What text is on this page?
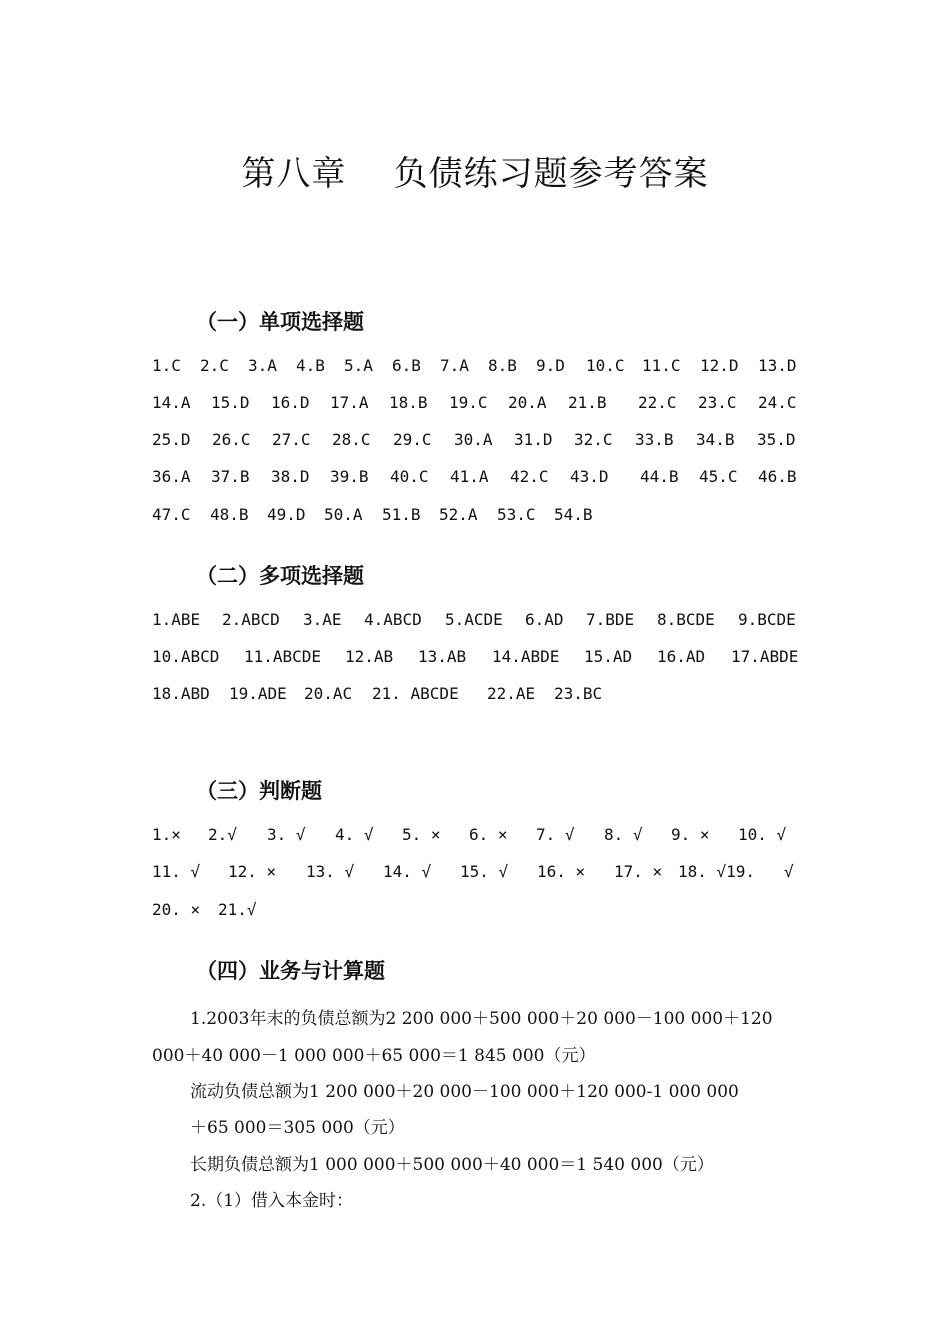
第八章    负债练习题参考答案
（一）单项选择题
1.C 2.C 3.A 4.B 5.A 6.B 7.A 8.B 9.D 10.C 11.C 12.D 13.D
14.A 15.D 16.D 17.A 18.B 19.C 20.A 21.B 22.C 23.C 24.C
25.D 26.C 27.C 28.C 29.C 30.A 31.D 32.C 33.B 34.B 35.D
36.A 37.B 38.D 39.B 40.C 41.A 42.C 43.D 44.B 45.C 46.B
47.C 48.B 49.D 50.A 51.B 52.A 53.C 54.B
（二）多项选择题
1.ABE 2.ABCD 3.AE 4.ABCD 5.ACDE 6.AD 7.BDE 8.BCDE 9.BCDE
10.ABCD 11.ABCDE 12.AB 13.AB 14.ABDE 15.AD 16.AD 17.ABDE
18.ABD 19.ADE 20.AC 21. ABCDE 22.AE 23.BC
（三）判断题
1.× 2.√ 3. √ 4. √ 5. × 6. × 7. √ 8. √ 9. × 10. √
11. √ 12. × 13. √ 14. √ 15. √ 16. × 17. × 18. √19. √
20. × 21.√
（四）业务与计算题
1.2003年末的负债总额为2 200 000＋500 000＋20 000－100 000＋120
000＋40 000－1 000 000＋65 000＝1 845 000（元）
流动负债总额为1 200 000＋20 000－100 000＋120 000-1 000 000
＋65 000＝305 000（元）
长期负债总额为1 000 000＋500 000＋40 000＝1 540 000（元）
2.（1）借入本金时：
